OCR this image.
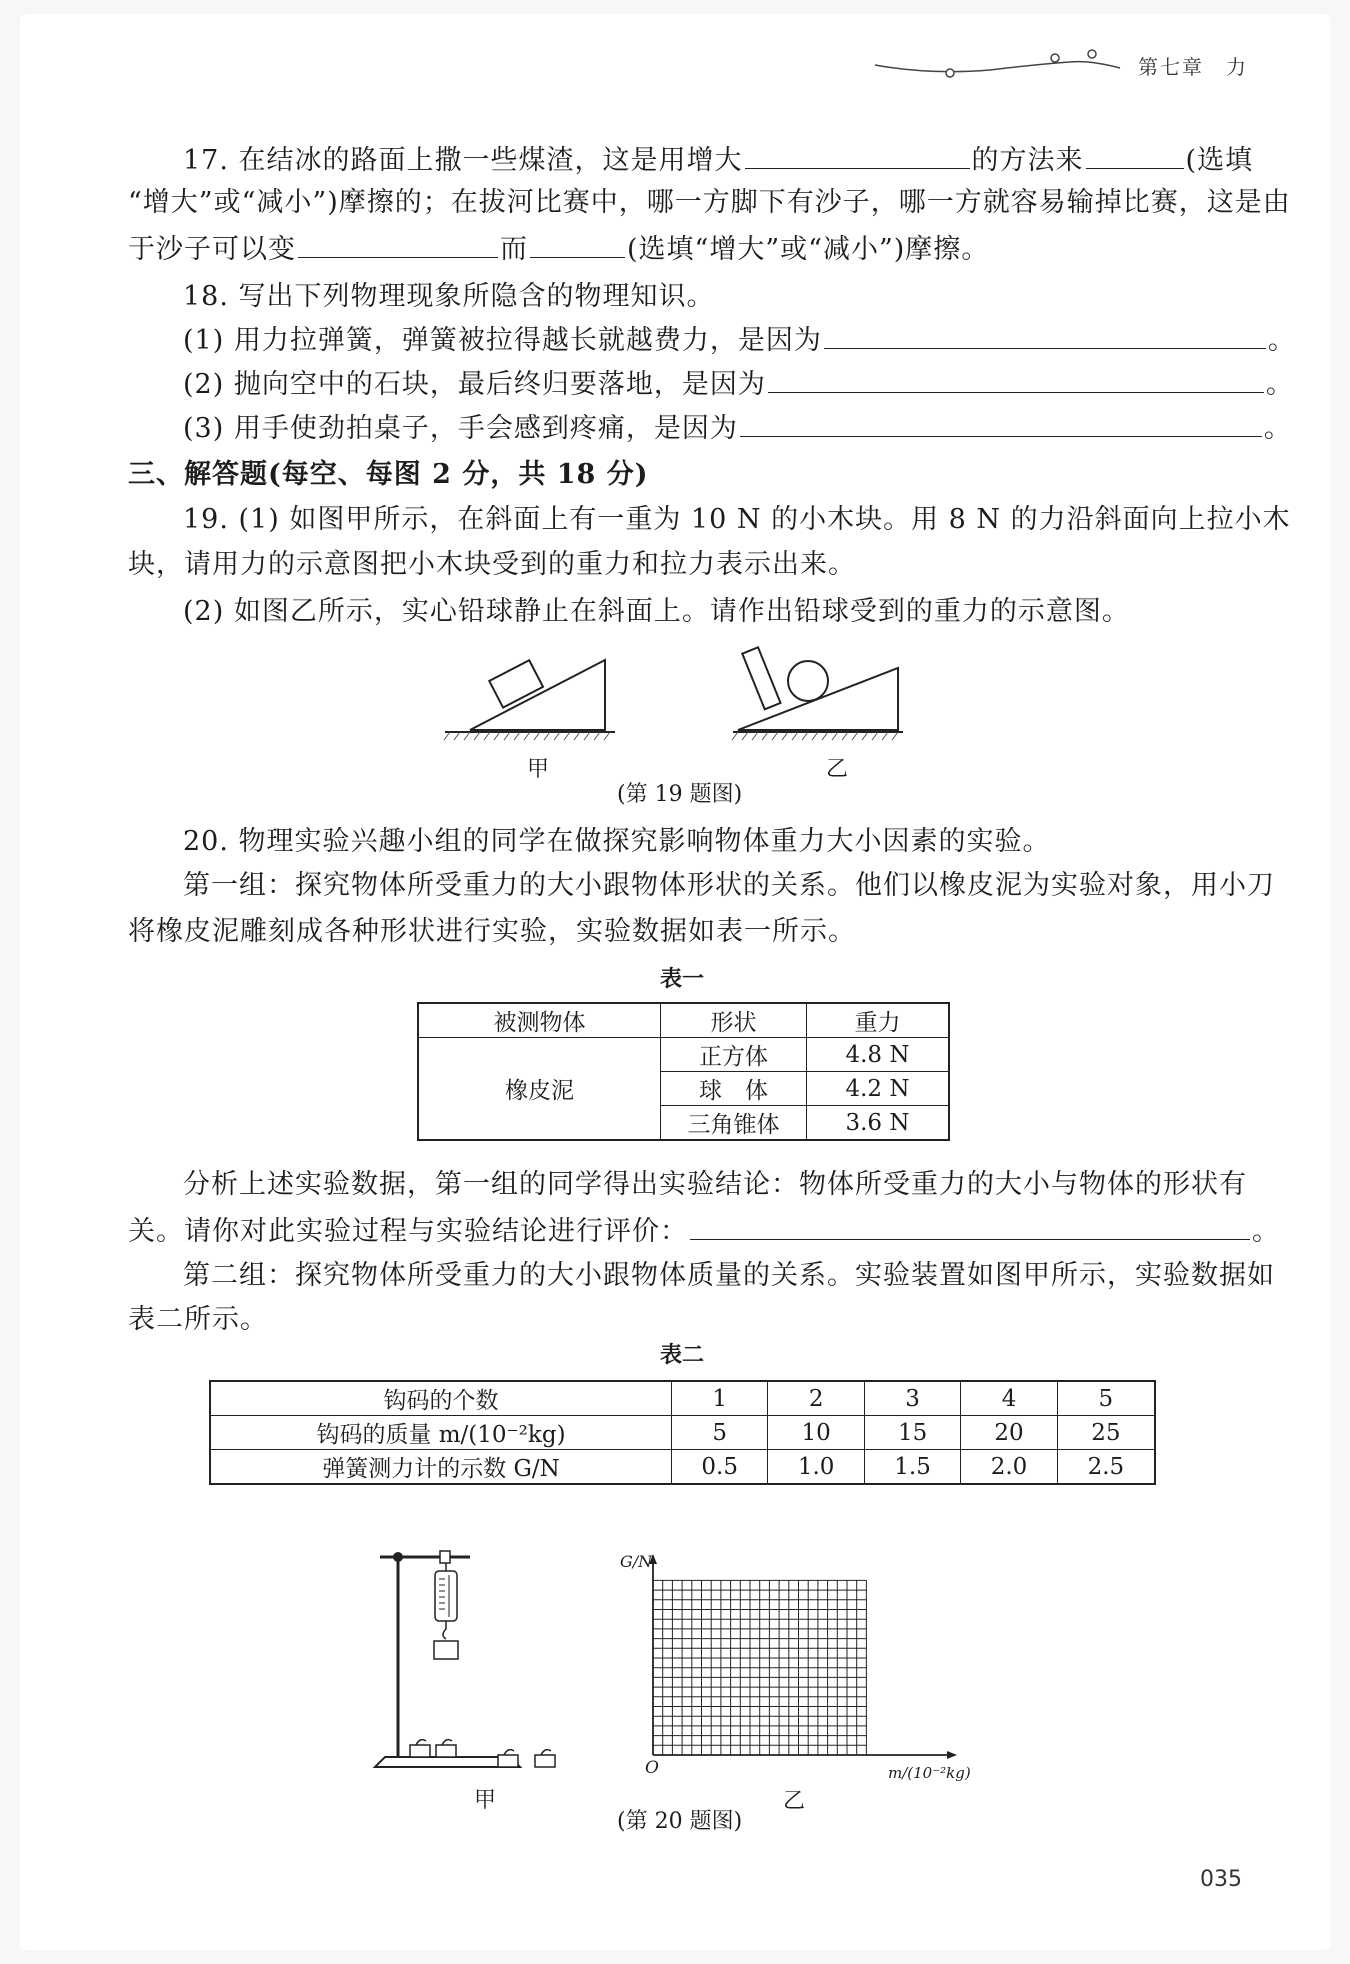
第七章　力
17. 在结冰的路面上撒一些煤渣，这是用增大	的方法来	(选填
“增大”或“减小”)摩擦的；在拔河比赛中，哪一方脚下有沙子，哪一方就容易输掉比赛，这是由
于沙子可以变	而	(选填“增大”或“减小”)摩擦。
18. 写出下列物理现象所隐含的物理知识。
(1) 用力拉弹簧，弹簧被拉得越长就越费力，是因为	。
(2) 抛向空中的石块，最后终归要落地，是因为	。
(3) 用手使劲拍桌子，手会感到疼痛，是因为	。
三、解答题(每空、每图 2 分，共 18 分)
19. (1) 如图甲所示，在斜面上有一重为 10 N 的小木块。用 8 N 的力沿斜面向上拉小木
块，请用力的示意图把小木块受到的重力和拉力表示出来。
(2) 如图乙所示，实心铅球静止在斜面上。请作出铅球受到的重力的示意图。
甲	乙
(第 19 题图)
20. 物理实验兴趣小组的同学在做探究影响物体重力大小因素的实验。
第一组：探究物体所受重力的大小跟物体形状的关系。他们以橡皮泥为实验对象，用小刀
将橡皮泥雕刻成各种形状进行实验，实验数据如表一所示。
表一
被测物体	形状	重力
橡皮泥	正方体	4.8 N
	球　体	4.2 N
	三角锥体	3.6 N
分析上述实验数据，第一组的同学得出实验结论：物体所受重力的大小与物体的形状有
关。请你对此实验过程与实验结论进行评价：	。
第二组：探究物体所受重力的大小跟物体质量的关系。实验装置如图甲所示，实验数据如
表二所示。
表二
钩码的个数	1	2	3	4	5
钩码的质量 m/(10⁻²kg)	5	10	15	20	25
弹簧测力计的示数 G/N	0.5	1.0	1.5	2.0	2.5
甲
G/N
O	m/(10⁻²kg)
乙
(第 20 题图)
035
